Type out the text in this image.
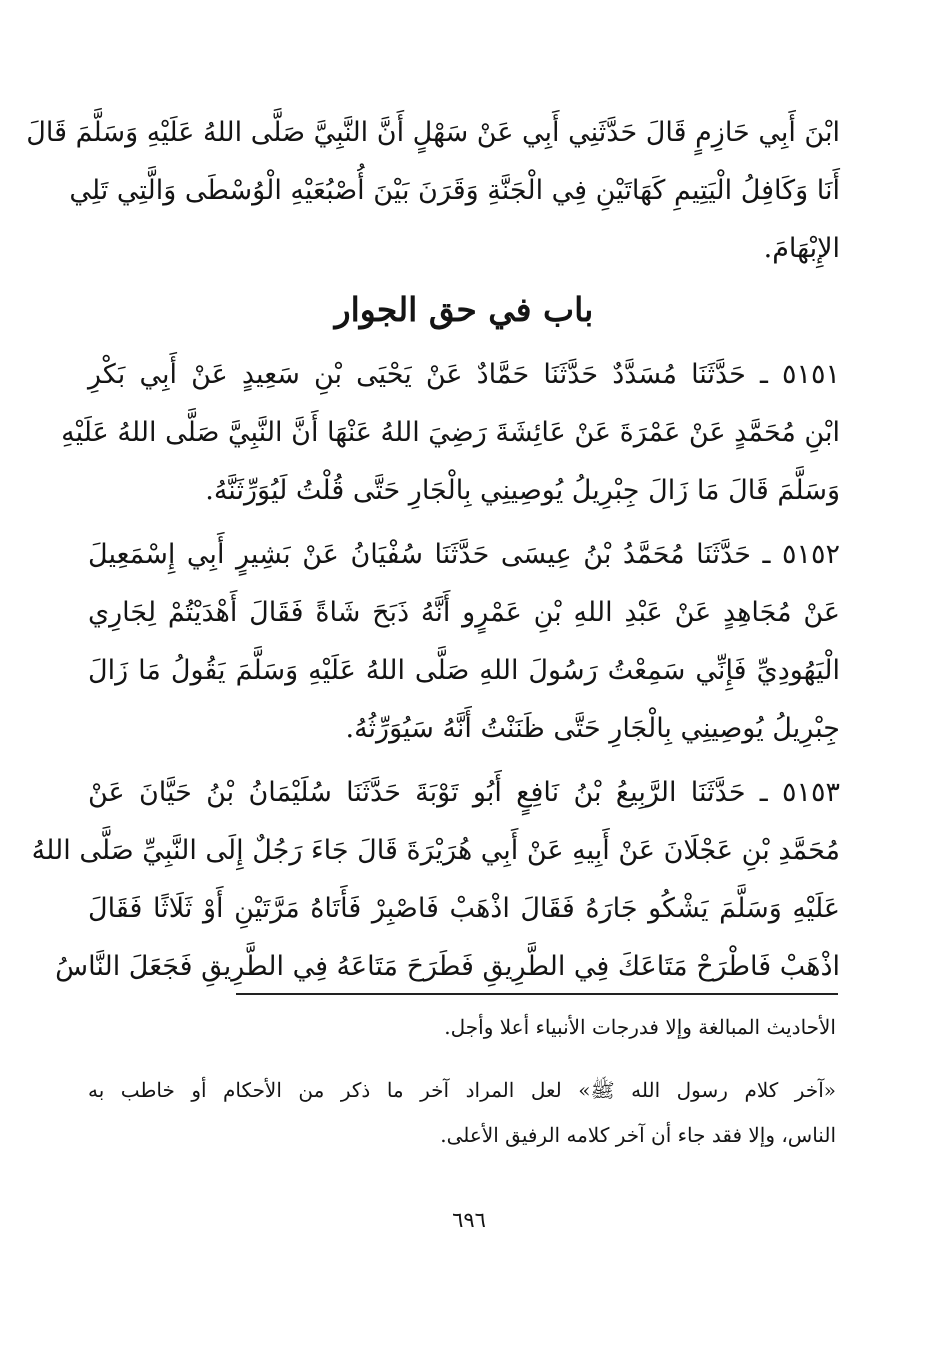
ابْنَ أَبِي حَازِمٍ قَالَ حَدَّثَنِي أَبِي عَنْ سَهْلٍ أَنَّ النَّبِيَّ صَلَّى اللهُ عَلَيْهِ وَسَلَّمَ قَالَ
أَنَا وَكَافِلُ الْيَتِيمِ كَهَاتَيْنِ فِي الْجَنَّةِ وَقَرَنَ بَيْنَ أُصْبُعَيْهِ الْوُسْطَى وَالَّتِي تَلِي
الإِبْهَامَ.
باب في حق الجوار
٥١٥١ ـ حَدَّثَنَا مُسَدَّدٌ حَدَّثَنَا حَمَّادٌ عَنْ يَحْيَى بْنِ سَعِيدٍ عَنْ أَبِي بَكْرِ
ابْنِ مُحَمَّدٍ عَنْ عَمْرَةَ عَنْ عَائِشَةَ رَضِيَ اللهُ عَنْهَا أَنَّ النَّبِيَّ صَلَّى اللهُ عَلَيْهِ
وَسَلَّمَ قَالَ مَا زَالَ جِبْرِيلُ يُوصِينِي بِالْجَارِ حَتَّى قُلْتُ لَيُوَرِّثَنَّهُ.
٥١٥٢ ـ حَدَّثَنَا مُحَمَّدُ بْنُ عِيسَى حَدَّثَنَا سُفْيَانُ عَنْ بَشِيرٍ أَبِي إِسْمَعِيلَ
عَنْ مُجَاهِدٍ عَنْ عَبْدِ اللهِ بْنِ عَمْرٍو أَنَّهُ ذَبَحَ شَاةً فَقَالَ أَهْدَيْتُمْ لِجَارِي
الْيَهُودِيِّ فَإِنِّي سَمِعْتُ رَسُولَ اللهِ صَلَّى اللهُ عَلَيْهِ وَسَلَّمَ يَقُولُ مَا زَالَ
جِبْرِيلُ يُوصِينِي بِالْجَارِ حَتَّى ظَنَنْتُ أَنَّهُ سَيُوَرِّثُهُ.
٥١٥٣ ـ حَدَّثَنَا الرَّبِيعُ بْنُ نَافِعٍ أَبُو تَوْبَةَ حَدَّثَنَا سُلَيْمَانُ بْنُ حَيَّانَ عَنْ
مُحَمَّدِ بْنِ عَجْلَانَ عَنْ أَبِيهِ عَنْ أَبِي هُرَيْرَةَ قَالَ جَاءَ رَجُلٌ إِلَى النَّبِيِّ صَلَّى اللهُ
عَلَيْهِ وَسَلَّمَ يَشْكُو جَارَهُ فَقَالَ اذْهَبْ فَاصْبِرْ فَأَتَاهُ مَرَّتَيْنِ أَوْ ثَلَاثًا فَقَالَ
اذْهَبْ فَاطْرَحْ مَتَاعَكَ فِي الطَّرِيقِ فَطَرَحَ مَتَاعَهُ فِي الطَّرِيقِ فَجَعَلَ النَّاسُ
الأحاديث المبالغة وإلا فدرجات الأنبياء أعلا وأجل.
«آخر كلام رسول الله ﷺ» لعل المراد آخر ما ذكر من الأحكام أو خاطب به
الناس، وإلا فقد جاء أن آخر كلامه الرفيق الأعلى.
٦٩٦
